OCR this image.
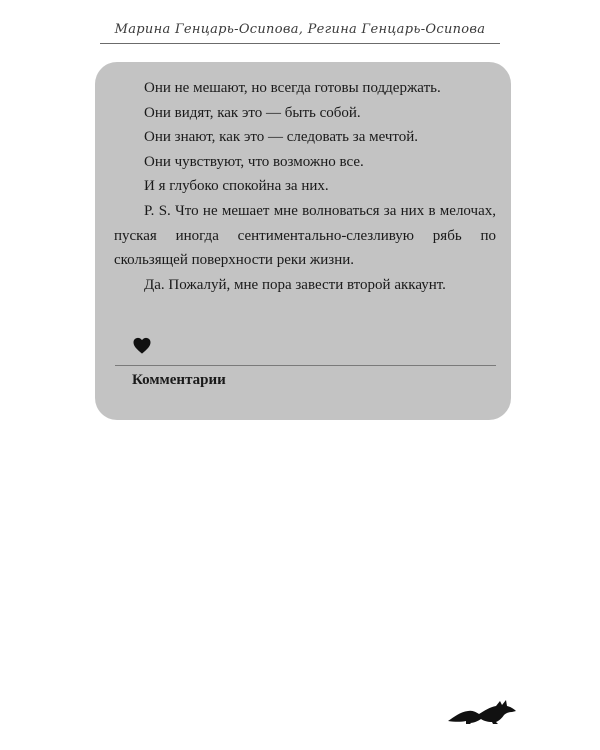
Марина Генцарь-Осипова, Регина Генцарь-Осипова

Они не мешают, но всегда готовы поддержать.

Они видят, как это — быть собой.

Они знают, как это — следовать за мечтой.

Они чувствуют, что возможно все.

И я глубоко спокойна за них.

P. S. Что не мешает мне волноваться за них в мелочах, пуская иногда сентиментально-слезливую рябь по скользящей поверхности реки жизни.

Да. Пожалуй, мне пора завести второй аккаунт.

Комментарии
